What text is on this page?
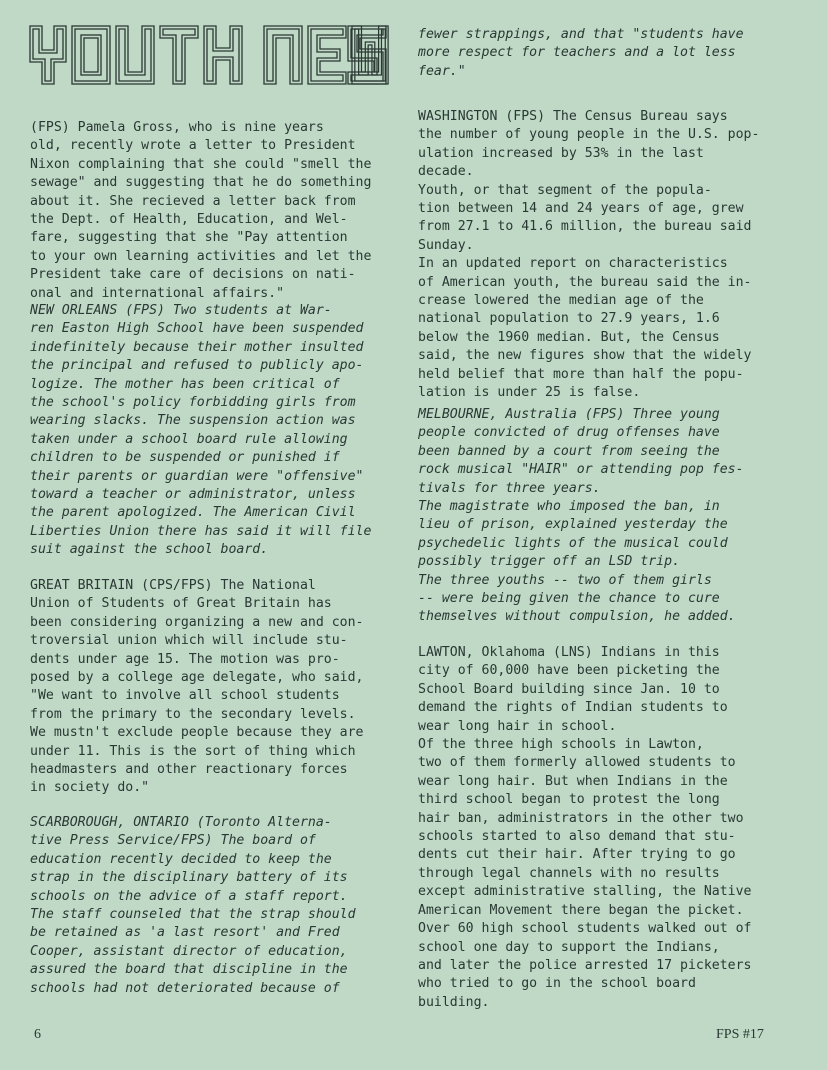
(FPS) Pamela Gross, who is nine years
old, recently wrote a letter to President
Nixon complaining that she could "smell the
sewage" and suggesting that he do something
about it. She recieved a letter back from
the Dept. of Health, Education, and Wel-
fare, suggesting that she "Pay attention
to your own learning activities and let the
President take care of decisions on nati-
onal and international affairs."

NEW ORLEANS (FPS) Two students at War-
ren Easton High School have been suspended
indefinitely because their mother insulted
the principal and refused to publicly apo-
logize. The mother has been critical of
the school's policy forbidding girls from
wearing slacks. The suspension action was
taken under a school board rule allowing
children to be suspended or punished if
their parents or guardian were "offensive"
toward a teacher or administrator, unless
the parent apologized. The American Civil
Liberties Union there has said it will file
suit against the school board.

GREAT BRITAIN (CPS/FPS) The National
Union of Students of Great Britain has
been considering organizing a new and con-
troversial union which will include stu-
dents under age 15. The motion was pro-
posed by a college age delegate, who said,
"We want to involve all school students
from the primary to the secondary levels.
We mustn't exclude people because they are
under 11. This is the sort of thing which
headmasters and other reactionary forces
in society do."

SCARBOROUGH, ONTARIO (Toronto Alterna-
tive Press Service/FPS) The board of
education recently decided to keep the
strap in the disciplinary battery of its
schools on the advice of a staff report.
The staff counseled that the strap should
be retained as 'a last resort' and Fred
Cooper, assistant director of education,
assured the board that discipline in the
schools had not deteriorated because of

fewer strappings, and that "students have
more respect for teachers and a lot less
fear."

WASHINGTON (FPS) The Census Bureau says
the number of young people in the U.S. pop-
ulation increased by 53% in the last
decade.
Youth, or that segment of the popula-
tion between 14 and 24 years of age, grew
from 27.1 to 41.6 million, the bureau said
Sunday.
In an updated report on characteristics
of American youth, the bureau said the in-
crease lowered the median age of the
national population to 27.9 years, 1.6
below the 1960 median. But, the Census
said, the new figures show that the widely
held belief that more than half the popu-
lation is under 25 is false.

MELBOURNE, Australia (FPS) Three young
people convicted of drug offenses have
been banned by a court from seeing the
rock musical "HAIR" or attending pop fes-
tivals for three years.
The magistrate who imposed the ban, in
lieu of prison, explained yesterday the
psychedelic lights of the musical could
possibly trigger off an LSD trip.
The three youths -- two of them girls
-- were being given the chance to cure
themselves without compulsion, he added.

LAWTON, Oklahoma (LNS) Indians in this
city of 60,000 have been picketing the
School Board building since Jan. 10 to
demand the rights of Indian students to
wear long hair in school.
Of the three high schools in Lawton,
two of them formerly allowed students to
wear long hair. But when Indians in the
third school began to protest the long
hair ban, administrators in the other two
schools started to also demand that stu-
dents cut their hair. After trying to go
through legal channels with no results
except administrative stalling, the Native
American Movement there began the picket.
Over 60 high school students walked out of
school one day to support the Indians,
and later the police arrested 17 picketers
who tried to go in the school board
building.

6	FPS #17
